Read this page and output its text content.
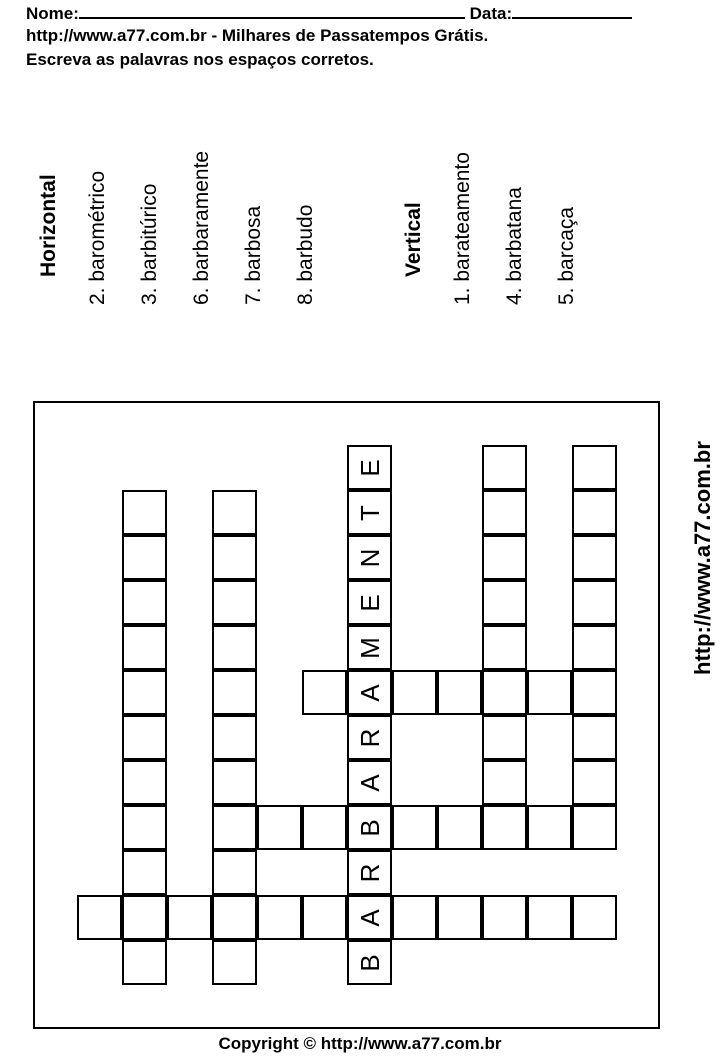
Nome:	Data:
http://www.a77.com.br - Milhares de Passatempos Grátis.
Escreva as palavras nos espaços corretos.
Horizontal 2. barométrico 3. barbitúrico 6. barbaramente 7. barbosa 8. barbudo	Vertical 1. barateamento 4. barbatana 5. barcaça
E
T
N
E
M
A
R
A
B
R
A
B
http://www.a77.com.br
Copyright © http://www.a77.com.br
